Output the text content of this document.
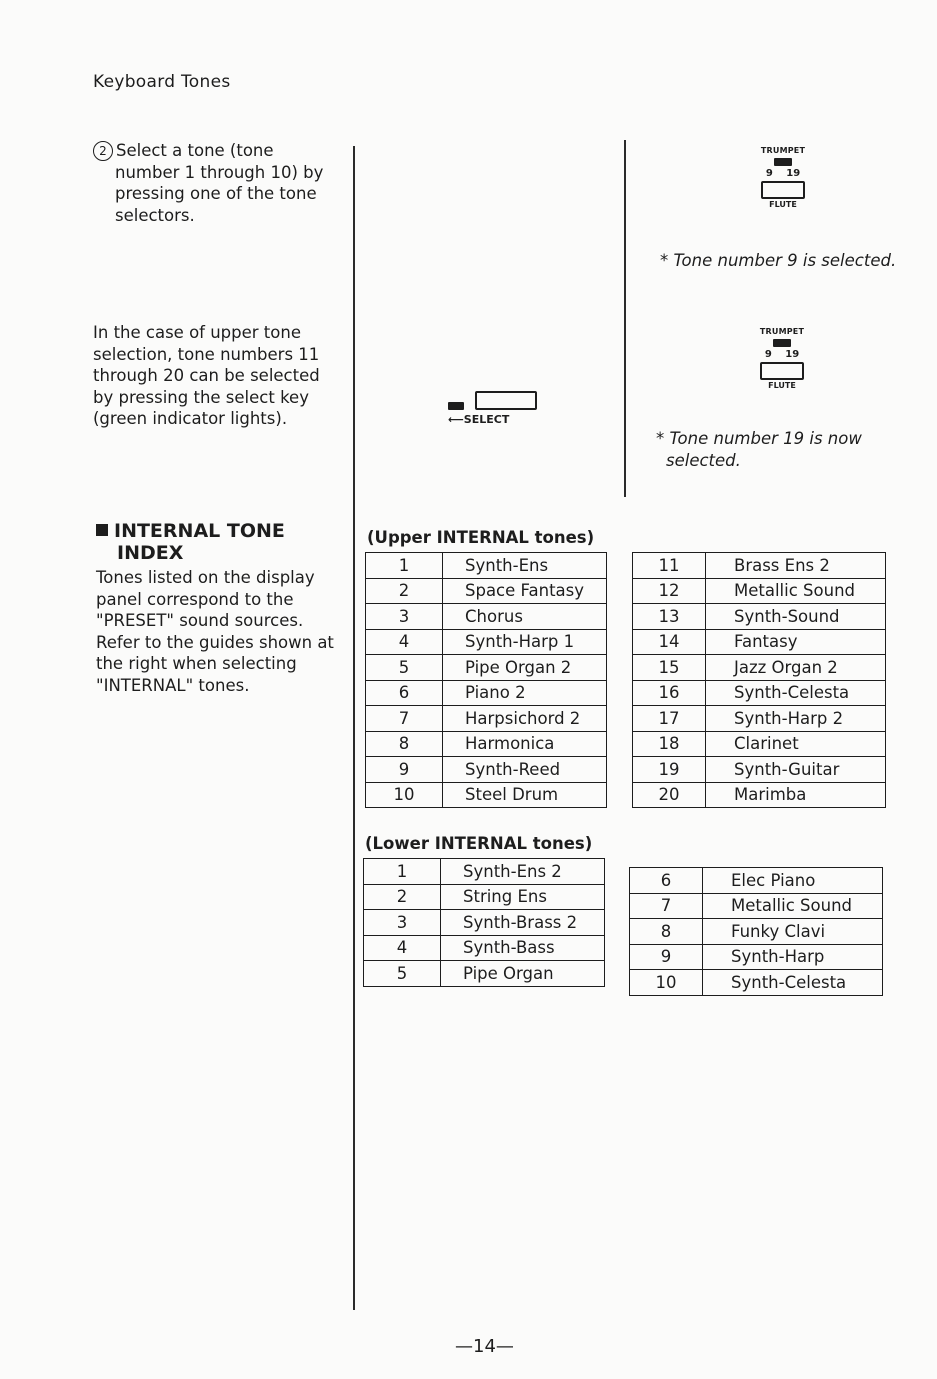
Keyboard Tones
2 Select a tone (tone
number 1 through 10) by
pressing one of the tone
selectors.
In the case of upper tone
selection, tone numbers 11
through 20 can be selected
by pressing the select key
(green indicator lights).
INTERNAL TONE
INDEX
Tones listed on the display
panel correspond to the
"PRESET" sound sources.
Refer to the guides shown at
the right when selecting
"INTERNAL" tones.
⟵SELECT
TRUMPET
9 19
FLUTE
* Tone number 9 is selected.
TRUMPET
9 19
FLUTE
* Tone number 19 is now
selected.
(Upper INTERNAL tones)
1	Synth-Ens
2	Space Fantasy
3	Chorus
4	Synth-Harp 1
5	Pipe Organ 2
6	Piano 2
7	Harpsichord 2
8	Harmonica
9	Synth-Reed
10	Steel Drum
11	Brass Ens 2
12	Metallic Sound
13	Synth-Sound
14	Fantasy
15	Jazz Organ 2
16	Synth-Celesta
17	Synth-Harp 2
18	Clarinet
19	Synth-Guitar
20	Marimba
(Lower INTERNAL tones)
1	Synth-Ens 2
2	String Ens
3	Synth-Brass 2
4	Synth-Bass
5	Pipe Organ
6	Elec Piano
7	Metallic Sound
8	Funky Clavi
9	Synth-Harp
10	Synth-Celesta
—14—
